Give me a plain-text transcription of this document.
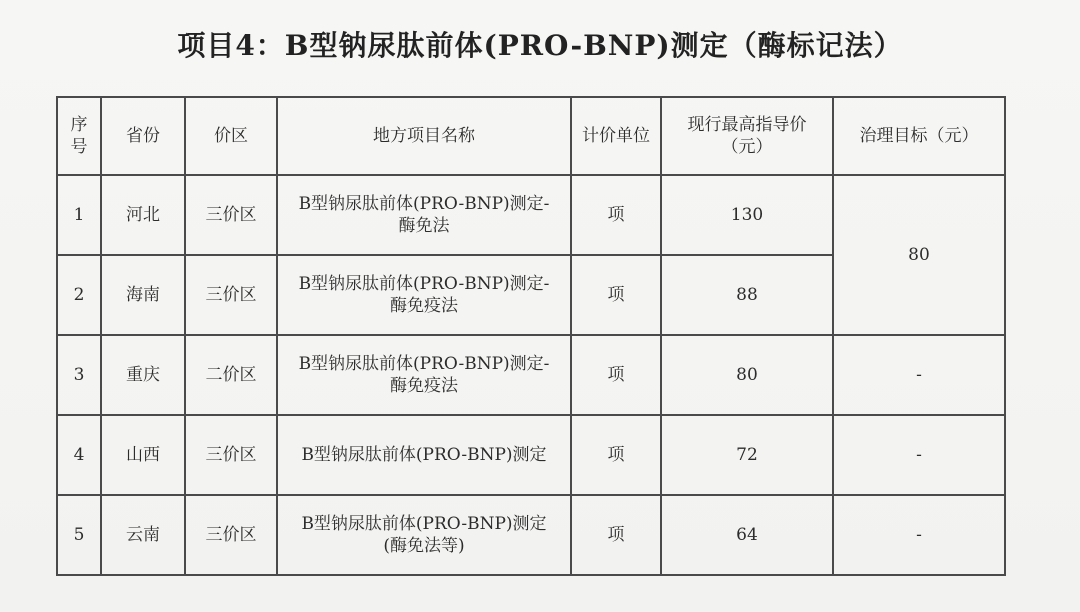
项目4：B型钠尿肽前体(PRO-BNP)测定（酶标记法）
序
号	省份	价区	地方项目名称	计价单位	现行最高指导价
（元）	治理目标（元）
1	河北	三价区	B型钠尿肽前体(PRO-BNP)测定-
酶免法	项	130	80
2	海南	三价区	B型钠尿肽前体(PRO-BNP)测定-
酶免疫法	项	88	
3	重庆	二价区	B型钠尿肽前体(PRO-BNP)测定-
酶免疫法	项	80	-
4	山西	三价区	B型钠尿肽前体(PRO-BNP)测定	项	72	-
5	云南	三价区	B型钠尿肽前体(PRO-BNP)测定
(酶免法等)	项	64	-
